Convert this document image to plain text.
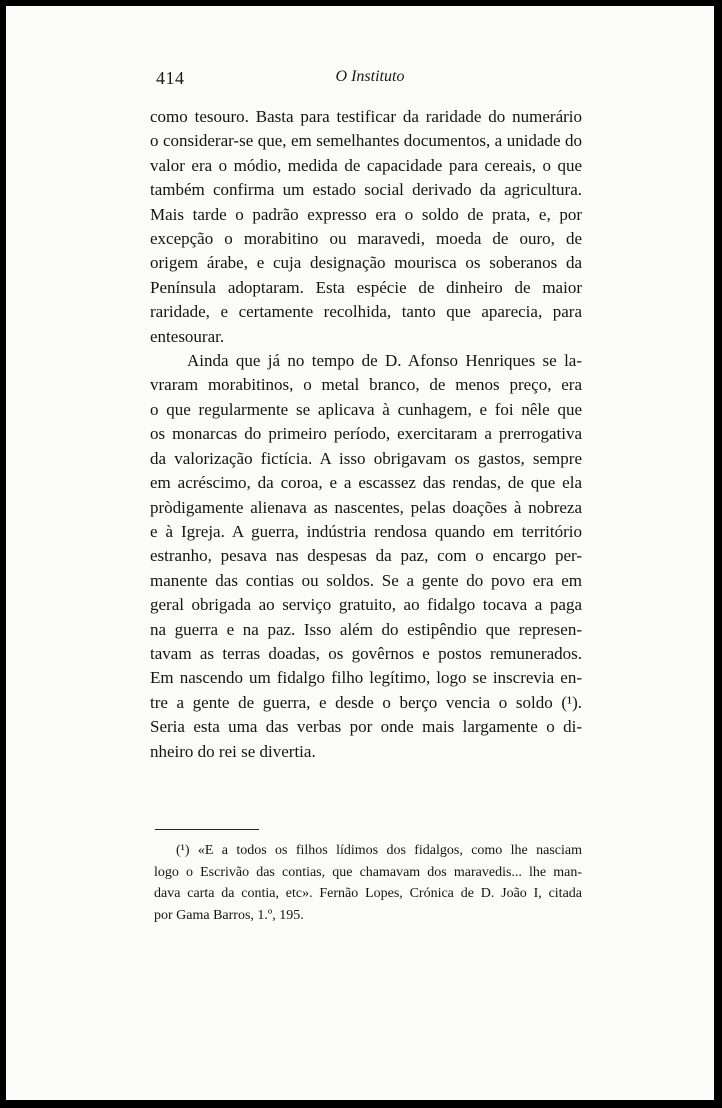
414	O Instituto
como tesouro. Basta para testificar da raridade do numerário
o considerar-se que, em semelhantes documentos, a unidade do
valor era o módio, medida de capacidade para cereais, o que
também confirma um estado social derivado da agricultura.
Mais tarde o padrão expresso era o soldo de prata, e, por
excepção o morabitino ou maravedi, moeda de ouro, de
origem árabe, e cuja designação mourisca os soberanos da
Península adoptaram. Esta espécie de dinheiro de maior
raridade, e certamente recolhida, tanto que aparecia, para
entesourar.
Ainda que já no tempo de D. Afonso Henriques se la-
vraram morabitinos, o metal branco, de menos preço, era
o que regularmente se aplicava à cunhagem, e foi nêle que
os monarcas do primeiro período, exercitaram a prerrogativa
da valorização fictícia. A isso obrigavam os gastos, sempre
em acréscimo, da coroa, e a escassez das rendas, de que ela
pròdigamente alienava as nascentes, pelas doações à nobreza
e à Igreja. A guerra, indústria rendosa quando em território
estranho, pesava nas despesas da paz, com o encargo per-
manente das contias ou soldos. Se a gente do povo era em
geral obrigada ao serviço gratuito, ao fidalgo tocava a paga
na guerra e na paz. Isso além do estipêndio que represen-
tavam as terras doadas, os govêrnos e postos remunerados.
Em nascendo um fidalgo filho legítimo, logo se inscrevia en-
tre a gente de guerra, e desde o berço vencia o soldo (¹).
Seria esta uma das verbas por onde mais largamente o di-
nheiro do rei se divertia.
(¹) «E a todos os filhos lídimos dos fidalgos, como lhe nasciam
logo o Escrivão das contias, que chamavam dos maravedis... lhe man-
dava carta da contia, etc». Fernão Lopes, Crónica de D. João I, citada
por Gama Barros, 1.º, 195.
